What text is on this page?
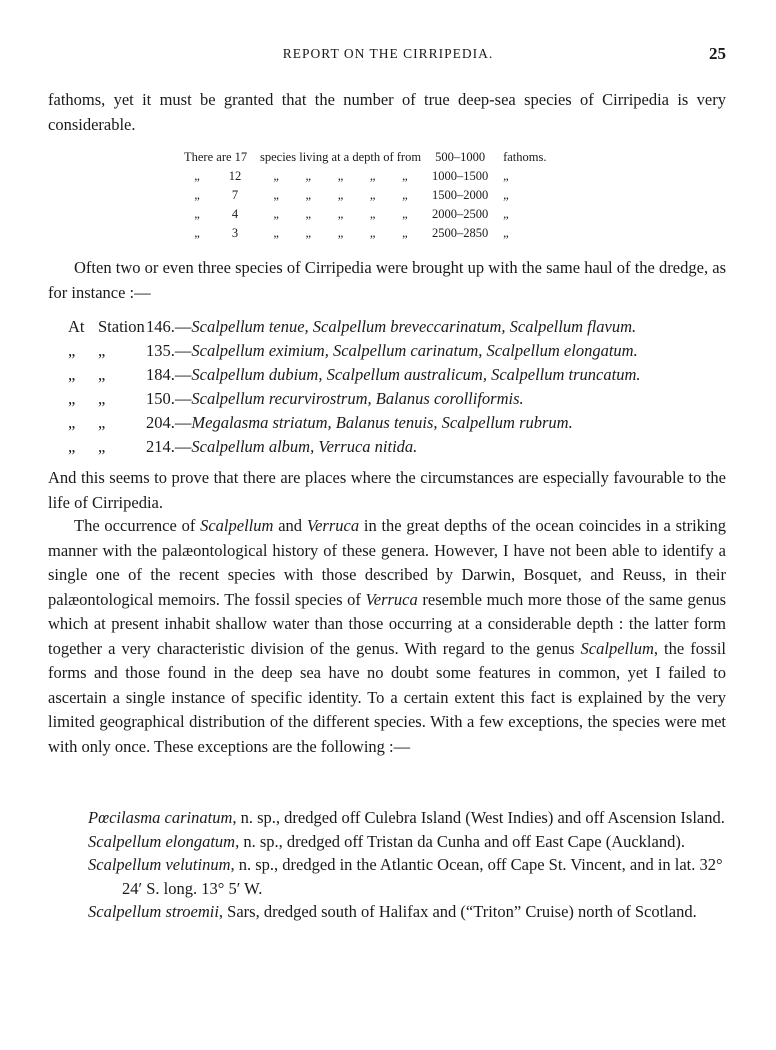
REPORT ON THE CIRRIPEDIA.	25

fathoms, yet it must be granted that the number of true deep-sea species of Cirripedia is very considerable.

There are 17		species living at a depth of from					500–1000	fathoms.
„	12	„	„	„	„	„	1000–1500	„
„	7	„	„	„	„	„	1500–2000	„
„	4	„	„	„	„	„	2000–2500	„
„	3	„	„	„	„	„	2500–2850	„

Often two or even three species of Cirripedia were brought up with the same haul of the dredge, as for instance :—

At Station146.—Scalpellum tenue, Scalpellum breveccarinatum, Scalpellum flavum.
„ „ 135.—Scalpellum eximium, Scalpellum carinatum, Scalpellum elongatum.
„ „ 184.—Scalpellum dubium, Scalpellum australicum, Scalpellum truncatum.
„ „ 150.—Scalpellum recurvirostrum, Balanus corolliformis.
„ „ 204.—Megalasma striatum, Balanus tenuis, Scalpellum rubrum.
„ „ 214.—Scalpellum album, Verruca nitida.

And this seems to prove that there are places where the circumstances are especially favourable to the life of Cirripedia.

The occurrence of Scalpellum and Verruca in the great depths of the ocean coincides in a striking manner with the palæontological history of these genera. However, I have not been able to identify a single one of the recent species with those described by Darwin, Bosquet, and Reuss, in their palæontological memoirs. The fossil species of Verruca resemble much more those of the same genus which at present inhabit shallow water than those occurring at a considerable depth : the latter form together a very characteristic division of the genus. With regard to the genus Scalpellum, the fossil forms and those found in the deep sea have no doubt some features in common, yet I failed to ascertain a single instance of specific identity. To a certain extent this fact is explained by the very limited geographical distribution of the different species. With a few exceptions, the species were met with only once. These exceptions are the following :—

Pœcilasma carinatum, n. sp., dredged off Culebra Island (West Indies) and off Ascension Island.
Scalpellum elongatum, n. sp., dredged off Tristan da Cunha and off East Cape (Auckland).
Scalpellum velutinum, n. sp., dredged in the Atlantic Ocean, off Cape St. Vincent, and in lat. 32° 24′ S. long. 13° 5′ W.
Scalpellum stroemii, Sars, dredged south of Halifax and (“Triton” Cruise) north of Scotland.
